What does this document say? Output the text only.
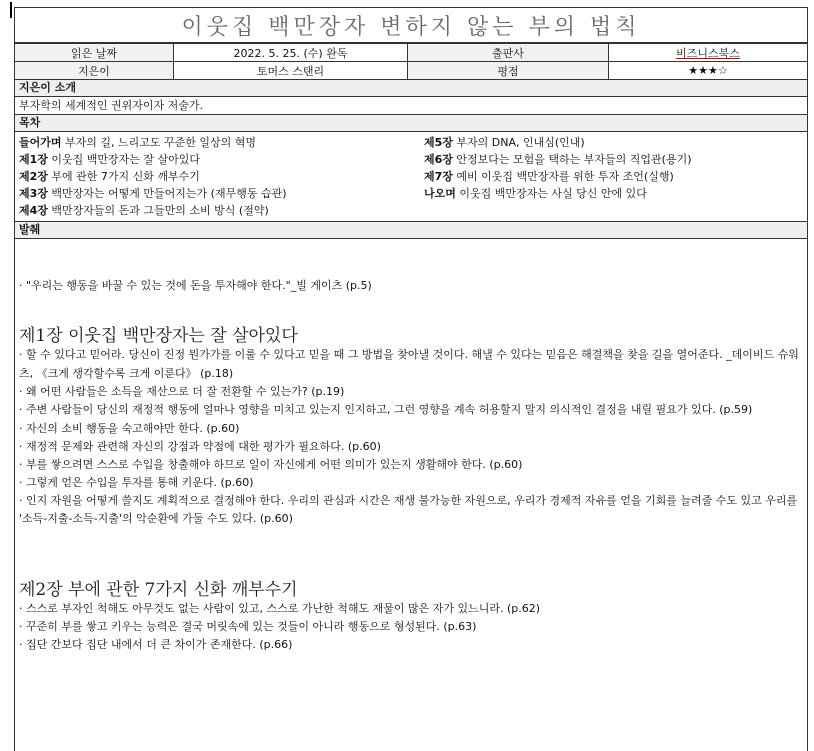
이웃집 백만장자 변하지 않는 부의 법칙
읽은 날짜	2022. 5. 25. (수) 완독	출판사	비즈니스북스
지은이	토머스 스탠리	평점	★★★☆
지은이 소개
부자학의 세계적인 권위자이자 저술가.
목차
들어가며 부자의 길, 느리고도 꾸준한 일상의 혁명
제1장 이웃집 백만장자는 잘 살아있다
제2장 부에 관한 7가지 신화 깨부수기
제3장 백만장자는 어떻게 만들어지는가 (재무행동 습관)
제4장 백만장자들의 돈과 그들만의 소비 방식 (절약)
제5장 부자의 DNA, 인내심(인내)
제6장 안정보다는 모험을 택하는 부자들의 직업관(용기)
제7장 예비 이웃집 백만장자를 위한 투자 조언(실행)
나오며 이웃집 백만장자는 사실 당신 안에 있다
발췌
· "우리는 행동을 바꿀 수 있는 것에 돈을 투자해야 한다."_빌 게이츠 (p.5)
제1장 이웃집 백만장자는 잘 살아있다
· 할 수 있다고 믿어라. 당신이 진정 뭔가가를 이룰 수 있다고 믿을 때 그 방법을 찾아낼 것이다. 해낼 수 있다는 믿음은 해결책을 찾을 길을 열어준다. _데이비드 슈워츠, 《크게 생각할수록 크게 이룬다》 (p.18)
· 왜 어떤 사람들은 소득을 재산으로 더 잘 전환할 수 있는가? (p.19)
· 주변 사람들이 당신의 재정적 행동에 얼마나 영향을 미치고 있는지 인지하고, 그런 영향을 계속 허용할지 말지 의식적인 결정을 내릴 필요가 있다. (p.59)
· 자신의 소비 행동을 숙고해야만 한다. (p.60)
· 재정적 문제와 관련해 자신의 강점과 약점에 대한 평가가 필요하다. (p.60)
· 부를 쌓으려면 스스로 수입을 창출해야 하므로 일이 자신에게 어떤 의미가 있는지 생활해야 한다. (p.60)
· 그렇게 얻은 수입을 투자를 통해 키운다. (p.60)
· 인지 자원을 어떻게 쓸지도 계획적으로 결정해야 한다. 우리의 관심과 시간은 재생 불가능한 자원으로, 우리가 경제적 자유를 얻을 기회를 늘려줄 수도 있고 우리를 '소득-지출-소득-지출'의 악순환에 가둘 수도 있다. (p.60)
제2장 부에 관한 7가지 신화 깨부수기
· 스스로 부자인 척해도 아무것도 없는 사람이 있고, 스스로 가난한 척해도 재물이 많은 자가 있느니라. (p.62)
· 꾸준히 부를 쌓고 키우는 능력은 결국 머릿속에 있는 것들이 아니라 행동으로 형성된다. (p.63)
· 집단 간보다 집단 내에서 더 큰 차이가 존재한다. (p.66)
